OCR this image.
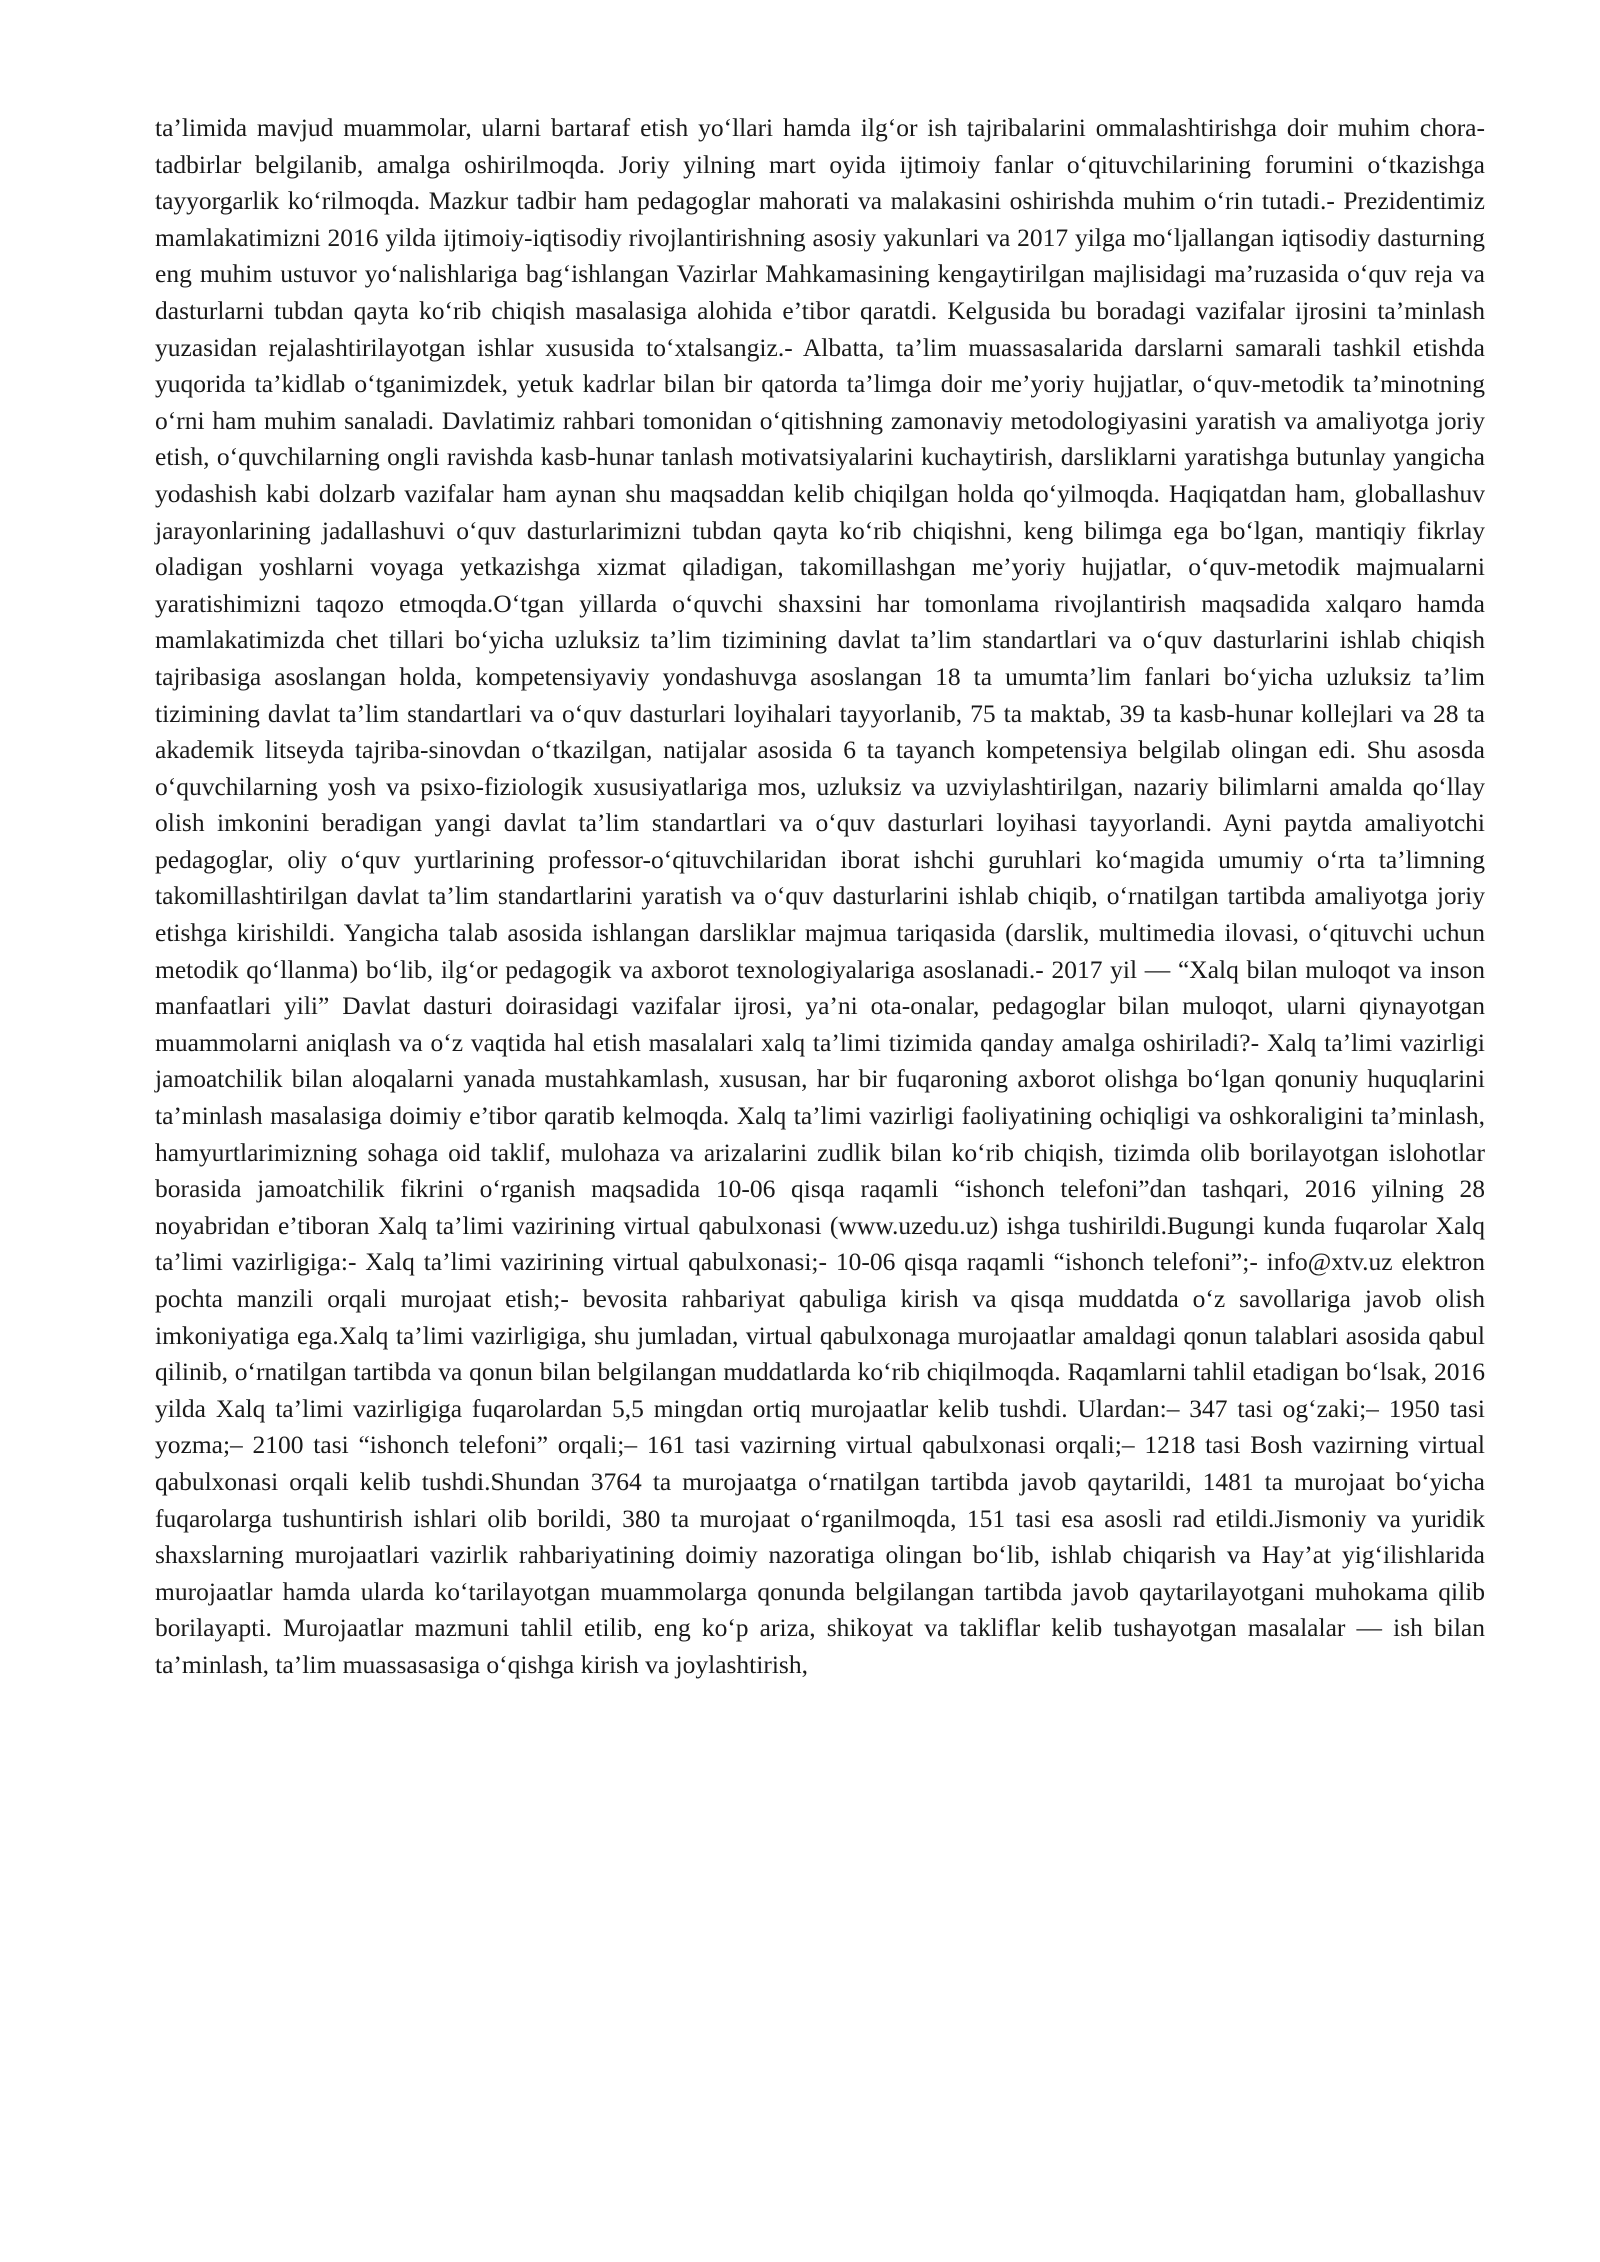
ta’limida mavjud muammolar, ularni bartaraf etish yo‘llari hamda ilg‘or ish tajribalarini ommalashtirishga doir muhim chora-tadbirlar belgilanib, amalga oshirilmoqda. Joriy yilning mart oyida ijtimoiy fanlar o‘qituvchilarining forumini o‘tkazishga tayyorgarlik ko‘rilmoqda. Mazkur tadbir ham pedagoglar mahorati va malakasini oshirishda muhim o‘rin tutadi.- Prezidentimiz mamlakatimizni 2016 yilda ijtimoiy-iqtisodiy rivojlantirishning asosiy yakunlari va 2017 yilga mo‘ljallangan iqtisodiy dasturning eng muhim ustuvor yo‘nalishlariga bag‘ishlangan Vazirlar Mahkamasining kengaytirilgan majlisidagi ma’ruzasida o‘quv reja va dasturlarni tubdan qayta ko‘rib chiqish masalasiga alohida e’tibor qaratdi. Kelgusida bu boradagi vazifalar ijrosini ta’minlash yuzasidan rejalashtirilayotgan ishlar xususida to‘xtalsangiz.- Albatta, ta’lim muassasalarida darslarni samarali tashkil etishda yuqorida ta’kidlab o‘tganimizdek, yetuk kadrlar bilan bir qatorda ta’limga doir me’yoriy hujjatlar, o‘quv-metodik ta’minotning o‘rni ham muhim sanaladi. Davlatimiz rahbari tomonidan o‘qitishning zamonaviy metodologiyasini yaratish va amaliyotga joriy etish, o‘quvchilarning ongli ravishda kasb-hunar tanlash motivatsiyalarini kuchaytirish, darsliklarni yaratishga butunlay yangicha yodashish kabi dolzarb vazifalar ham aynan shu maqsaddan kelib chiqilgan holda qo‘yilmoqda. Haqiqatdan ham, globallashuv jarayonlarining jadallashuvi o‘quv dasturlarimizni tubdan qayta ko‘rib chiqishni, keng bilimga ega bo‘lgan, mantiqiy fikrlay oladigan yoshlarni voyaga yetkazishga xizmat qiladigan, takomillashgan me’yoriy hujjatlar, o‘quv-metodik majmualarni yaratishimizni taqozo etmoqda.O‘tgan yillarda o‘quvchi shaxsini har tomonlama rivojlantirish maqsadida xalqaro hamda mamlakatimizda chet tillari bo‘yicha uzluksiz ta’lim tizimining davlat ta’lim standartlari va o‘quv dasturlarini ishlab chiqish tajribasiga asoslangan holda, kompetensiyaviy yondashuvga asoslangan 18 ta umumta’lim fanlari bo‘yicha uzluksiz ta’lim tizimining davlat ta’lim standartlari va o‘quv dasturlari loyihalari tayyorlanib, 75 ta maktab, 39 ta kasb-hunar kollejlari va 28 ta akademik litseyda tajriba-sinovdan o‘tkazilgan, natijalar asosida 6 ta tayanch kompetensiya belgilab olingan edi. Shu asosda o‘quvchilarning yosh va psixo-fiziologik xususiyatlariga mos, uzluksiz va uzviylashtirilgan, nazariy bilimlarni amalda qo‘llay olish imkonini beradigan yangi davlat ta’lim standartlari va o‘quv dasturlari loyihasi tayyorlandi. Ayni paytda amaliyotchi pedagoglar, oliy o‘quv yurtlarining professor-o‘qituvchilaridan iborat ishchi guruhlari ko‘magida umumiy o‘rta ta’limning takomillashtirilgan davlat ta’lim standartlarini yaratish va o‘quv dasturlarini ishlab chiqib, o‘rnatilgan tartibda amaliyotga joriy etishga kirishildi. Yangicha talab asosida ishlangan darsliklar majmua tariqasida (darslik, multimedia ilovasi, o‘qituvchi uchun metodik qo‘llanma) bo‘lib, ilg‘or pedagogik va axborot texnologiyalariga asoslanadi.- 2017 yil — “Xalq bilan muloqot va inson manfaatlari yili” Davlat dasturi doirasidagi vazifalar ijrosi, ya’ni ota-onalar, pedagoglar bilan muloqot, ularni qiynayotgan muammolarni aniqlash va o‘z vaqtida hal etish masalalari xalq ta’limi tizimida qanday amalga oshiriladi?- Xalq ta’limi vazirligi jamoatchilik bilan aloqalarni yanada mustahkamlash, xususan, har bir fuqaroning axborot olishga bo‘lgan qonuniy huquqlarini ta’minlash masalasiga doimiy e’tibor qaratib kelmoqda. Xalq ta’limi vazirligi faoliyatining ochiqligi va oshkoraligini ta’minlash, hamyurtlarimizning sohaga oid taklif, mulohaza va arizalarini zudlik bilan ko‘rib chiqish, tizimda olib borilayotgan islohotlar borasida jamoatchilik fikrini o‘rganish maqsadida 10-06 qisqa raqamli “ishonch telefoni”dan tashqari, 2016 yilning 28 noyabridan e’tiboran Xalq ta’limi vazirining virtual qabulxonasi (www.uzedu.uz) ishga tushirildi.Bugungi kunda fuqarolar Xalq ta’limi vazirligiga:- Xalq ta’limi vazirining virtual qabulxonasi;- 10-06 qisqa raqamli “ishonch telefoni”;- info@xtv.uz elektron pochta manzili orqali murojaat etish;- bevosita rahbariyat qabuliga kirish va qisqa muddatda o‘z savollariga javob olish imkoniyatiga ega.Xalq ta’limi vazirligiga, shu jumladan, virtual qabulxonaga murojaatlar amaldagi qonun talablari asosida qabul qilinib, o‘rnatilgan tartibda va qonun bilan belgilangan muddatlarda ko‘rib chiqilmoqda. Raqamlarni tahlil etadigan bo‘lsak, 2016 yilda Xalq ta’limi vazirligiga fuqarolardan 5,5 mingdan ortiq murojaatlar kelib tushdi. Ulardan:– 347 tasi og‘zaki;– 1950 tasi yozma;– 2100 tasi “ishonch telefoni” orqali;– 161 tasi vazirning virtual qabulxonasi orqali;– 1218 tasi Bosh vazirning virtual qabulxonasi orqali kelib tushdi.Shundan 3764 ta murojaatga o‘rnatilgan tartibda javob qaytarildi, 1481 ta murojaat bo‘yicha fuqarolarga tushuntirish ishlari olib borildi, 380 ta murojaat o‘rganilmoqda, 151 tasi esa asosli rad etildi.Jismoniy va yuridik shaxslarning murojaatlari vazirlik rahbariyatining doimiy nazoratiga olingan bo‘lib, ishlab chiqarish va Hay’at yig‘ilishlarida murojaatlar hamda ularda ko‘tarilayotgan muammolarga qonunda belgilangan tartibda javob qaytarilayotgani muhokama qilib borilayapti. Murojaatlar mazmuni tahlil etilib, eng ko‘p ariza, shikoyat va takliflar kelib tushayotgan masalalar — ish bilan ta’minlash, ta’lim muassasasiga o‘qishga kirish va joylashtirish,
